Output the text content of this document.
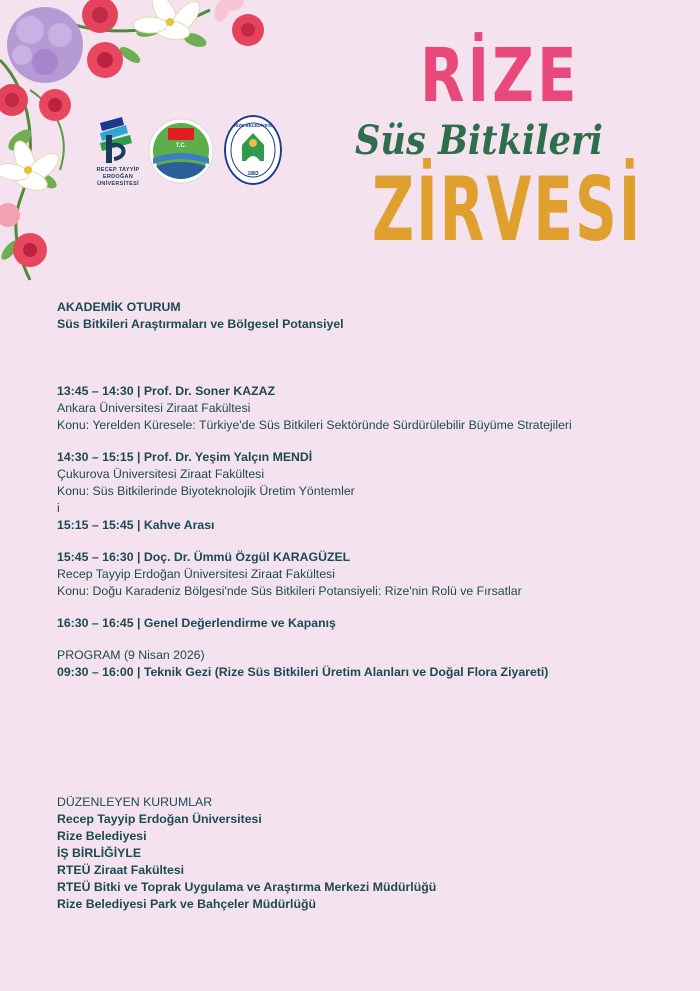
RECEP TAYYİP
ERDOĞAN
ÜNİVERSİTESİ
T.C.
RİZE BELEDİYESİ
1883
RİZE
Süs Bitkileri
ZİRVESİ
AKADEMİK OTURUM
Süs Bitkileri Araştırmaları ve Bölgesel Potansiyel
13:45 – 14:30 | Prof. Dr. Soner KAZAZ
Ankara Üniversitesi Ziraat Fakültesi
Konu: Yerelden Küresele: Türkiye'de Süs Bitkileri Sektöründe Sürdürülebilir Büyüme Stratejileri
14:30 – 15:15 | Prof. Dr. Yeşim Yalçın MENDİ
Çukurova Üniversitesi Ziraat Fakültesi
Konu: Süs Bitkilerinde Biyoteknolojik Üretim Yöntemler
i
15:15 – 15:45 | Kahve Arası
15:45 – 16:30 | Doç. Dr. Ümmü Özgül KARAGÜZEL
Recep Tayyip Erdoğan Üniversitesi Ziraat Fakültesi
Konu: Doğu Karadeniz Bölgesi'nde Süs Bitkileri Potansiyeli: Rize'nin Rolü ve Fırsatlar
16:30 – 16:45 | Genel Değerlendirme ve Kapanış
PROGRAM (9 Nisan 2026)
09:30 – 16:00 | Teknik Gezi (Rize Süs Bitkileri Üretim Alanları ve Doğal Flora Ziyareti)
DÜZENLEYEN KURUMLAR
Recep Tayyip Erdoğan Üniversitesi
Rize Belediyesi
İŞ BİRLİĞİYLE
RTEÜ Ziraat Fakültesi
RTEÜ Bitki ve Toprak Uygulama ve Araştırma Merkezi Müdürlüğü
Rize Belediyesi Park ve Bahçeler Müdürlüğü
